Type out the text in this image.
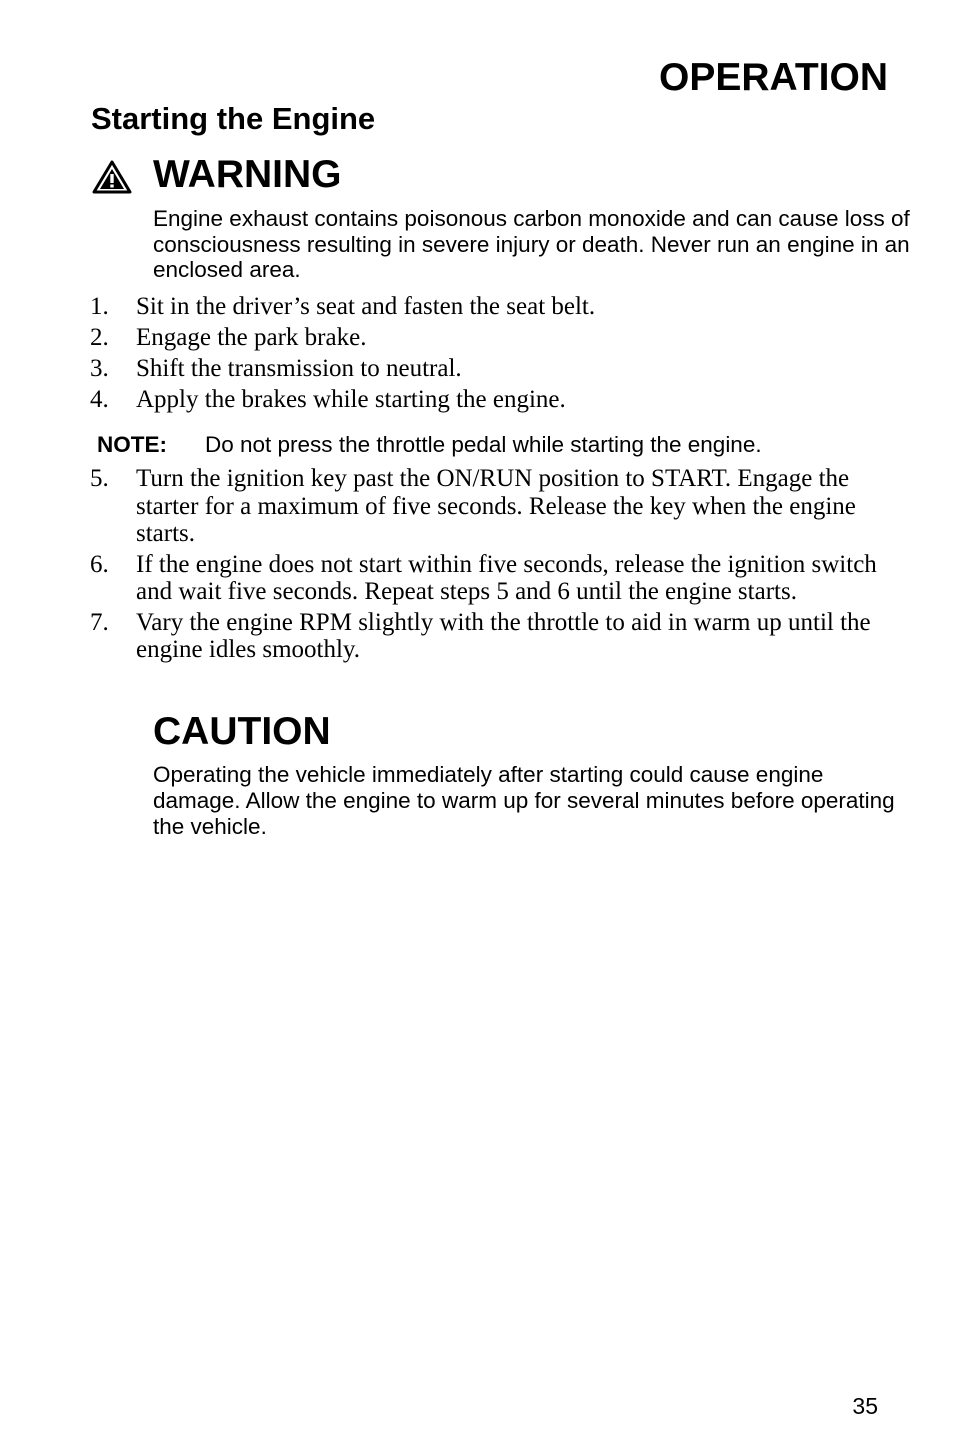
OPERATION
Starting the Engine
WARNING

Engine exhaust contains poisonous carbon monoxide and can cause loss of consciousness resulting in severe injury or death. Never run an engine in an enclosed area.

1. Sit in the driver’s seat and fasten the seat belt.
2. Engage the park brake.
3. Shift the transmission to neutral.
4. Apply the brakes while starting the engine.

NOTE: Do not press the throttle pedal while starting the engine.

5. Turn the ignition key past the ON/RUN position to START. Engage the starter for a maximum of five seconds. Release the key when the engine starts.
6. If the engine does not start within five seconds, release the ignition switch and wait five seconds. Repeat steps 5 and 6 until the engine starts.
7. Vary the engine RPM slightly with the throttle to aid in warm up until the engine idles smoothly.
CAUTION

Operating the vehicle immediately after starting could cause engine damage. Allow the engine to warm up for several minutes before operating the vehicle.

35
